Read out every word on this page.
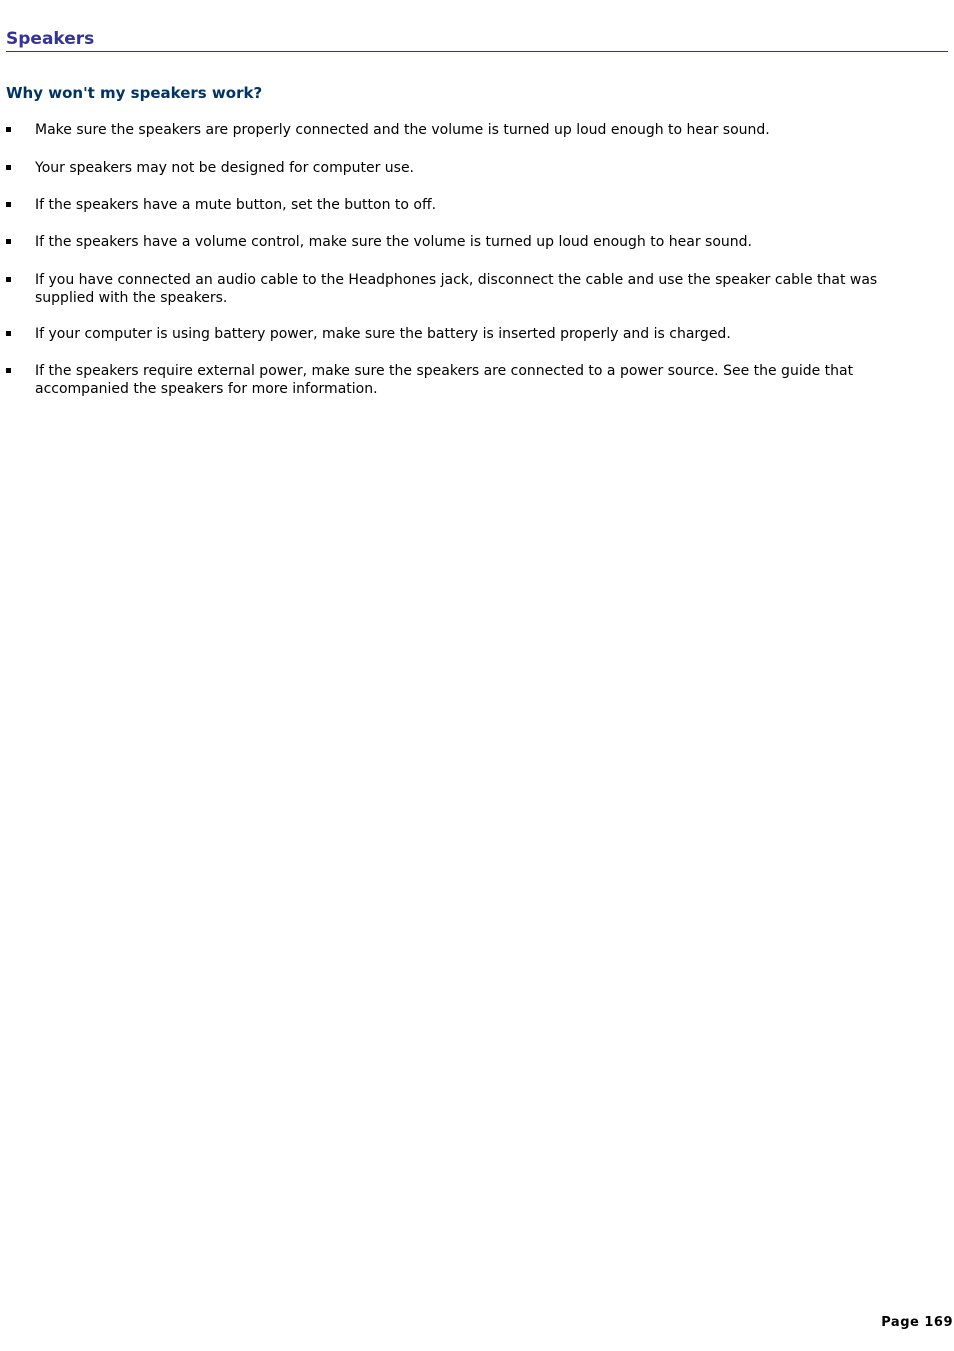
Speakers
Why won't my speakers work?
Make sure the speakers are properly connected and the volume is turned up loud enough to hear sound.
Your speakers may not be designed for computer use.
If the speakers have a mute button, set the button to off.
If the speakers have a volume control, make sure the volume is turned up loud enough to hear sound.
If you have connected an audio cable to the Headphones jack, disconnect the cable and use the speaker cable that was supplied with the speakers.
If your computer is using battery power, make sure the battery is inserted properly and is charged.
If the speakers require external power, make sure the speakers are connected to a power source. See the guide that accompanied the speakers for more information.
Page 169
